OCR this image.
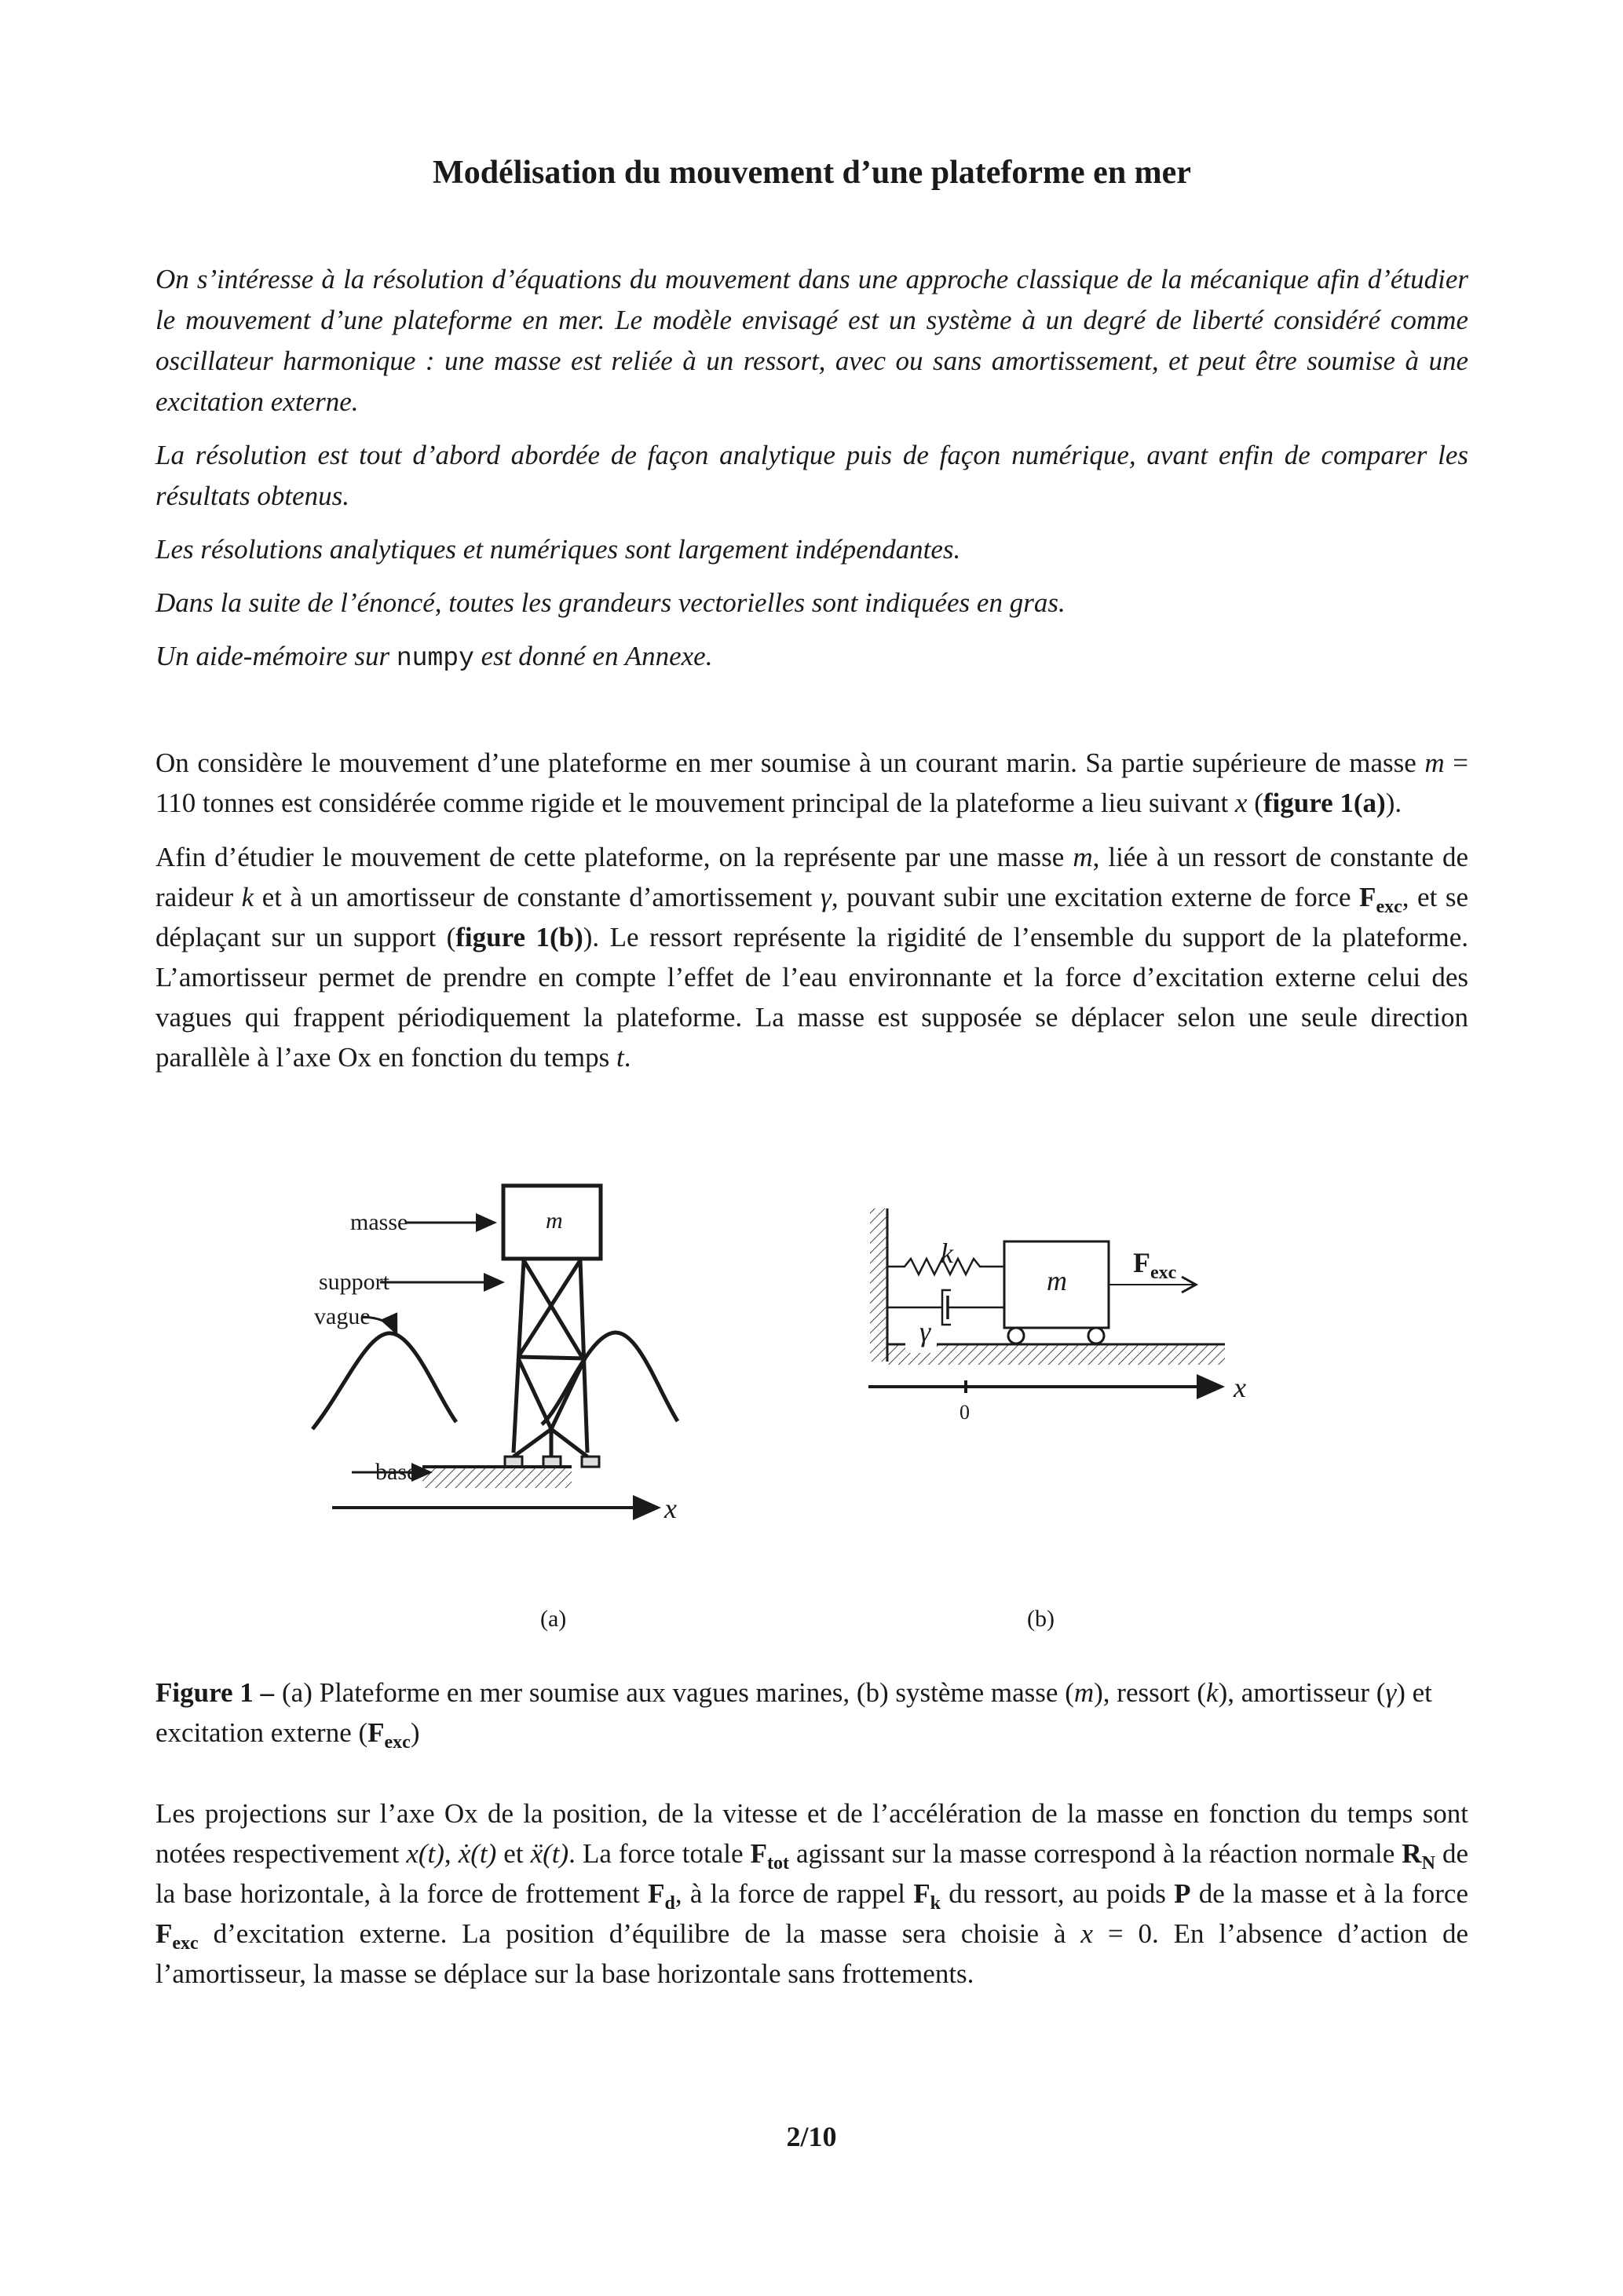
Modélisation du mouvement d’une plateforme en mer

On s’intéresse à la résolution d’équations du mouvement dans une approche classique de la mécanique afin d’étudier le mouvement d’une plateforme en mer. Le modèle envisagé est un système à un degré de liberté considéré comme oscillateur harmonique : une masse est reliée à un ressort, avec ou sans amortissement, et peut être soumise à une excitation externe.

La résolution est tout d’abord abordée de façon analytique puis de façon numérique, avant enfin de comparer les résultats obtenus.

Les résolutions analytiques et numériques sont largement indépendantes.

Dans la suite de l’énoncé, toutes les grandeurs vectorielles sont indiquées en gras.

Un aide-mémoire sur numpy est donné en Annexe.

On considère le mouvement d’une plateforme en mer soumise à un courant marin. Sa partie supérieure de masse m = 110 tonnes est considérée comme rigide et le mouvement principal de la plateforme a lieu suivant x (figure 1(a)).

Afin d’étudier le mouvement de cette plateforme, on la représente par une masse m, liée à un ressort de constante de raideur k et à un amortisseur de constante d’amortissement γ, pouvant subir une excitation externe de force $F_{exc}$, et se déplaçant sur un support (figure 1(b)). Le ressort représente la rigidité de l’ensemble du support de la plateforme. L’amortisseur permet de prendre en compte l’effet de l’eau environnante et la force d’excitation externe celui des vagues qui frappent périodiquement la plateforme. La masse est supposée se déplacer selon une seule direction parallèle à l’axe Ox en fonction du temps t.

Figure 1 – (a) Plateforme en mer soumise aux vagues marines, (b) système masse (m), ressort (k), amortisseur (γ) et excitation externe $(F_{exc})$

Les projections sur l’axe Ox de la position, de la vitesse et de l’accélération de la masse en fonction du temps sont notées respectivement x(t), ẋ(t) et ẍ(t). La force totale $F_{tot}$ agissant sur la masse correspond à la réaction normale $R_N$ de la base horizontale, à la force de frottement $F_d$, à la force de rappel $F_k$ du ressort, au poids P de la masse et à la force $F_{exc}$ d’excitation externe. La position d’équilibre de la masse sera choisie à x = 0. En l’absence d’action de l’amortisseur, la masse se déplace sur la base horizontale sans frottements.

masse	m
support
vague
base
x
(a)
k
γ
m
$F_{exc}$
x
0
(b)
2/10
